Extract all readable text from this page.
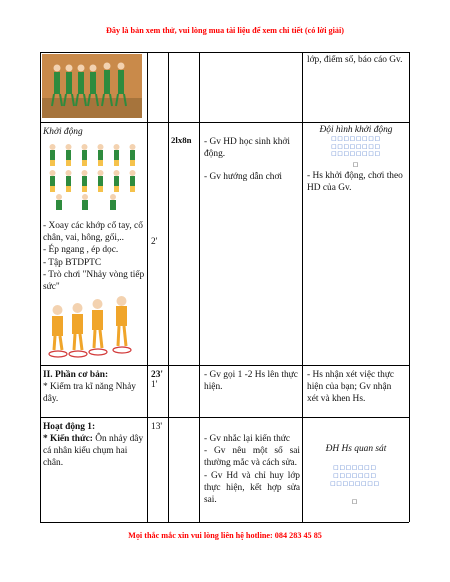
Đây là bản xem thử, vui lòng mua tài liệu để xem chi tiết (có lời giải)
lớp, điểm số, báo cáo Gv.
Khởi động
- Xoay các khớp cổ tay, cổ chân, vai, hông, gối,..
- Ép ngang , ép dọc.
- Tập BTDPTC
- Trò chơi "Nhảy vòng tiếp sức"
2'
2lx8n - Gv HD học sinh khởi động.
- Gv hướng dẫn chơi
Đội hình khởi động
□□□□□□□□
□□□□□□□□
□□□□□□□□
□
- Hs khởi động, chơi theo HD của Gv.
II. Phần cơ bản:
* Kiểm tra kĩ năng Nhảy dây.
23'
1'
- Gv gọi 1 -2 Hs lên thực hiện.
- Hs nhận xét việc thực hiện của bạn; Gv nhận xét và khen Hs.
Hoạt động 1:
* Kiến thức: Ôn nhảy dây cá nhân kiểu chụm hai chân.
13'
- Gv nhắc lại kiến thức
- Gv nêu một số sai thường mắc và cách sửa.
- Gv Hd và chỉ huy lớp thực hiện, kết hợp sửa sai.
ĐH Hs quan sát
□□□□□□□
□□□□□□□
□□□□□□□□
□
Mọi thắc mắc xin vui lòng liên hệ hotline: 084 283 45 85
